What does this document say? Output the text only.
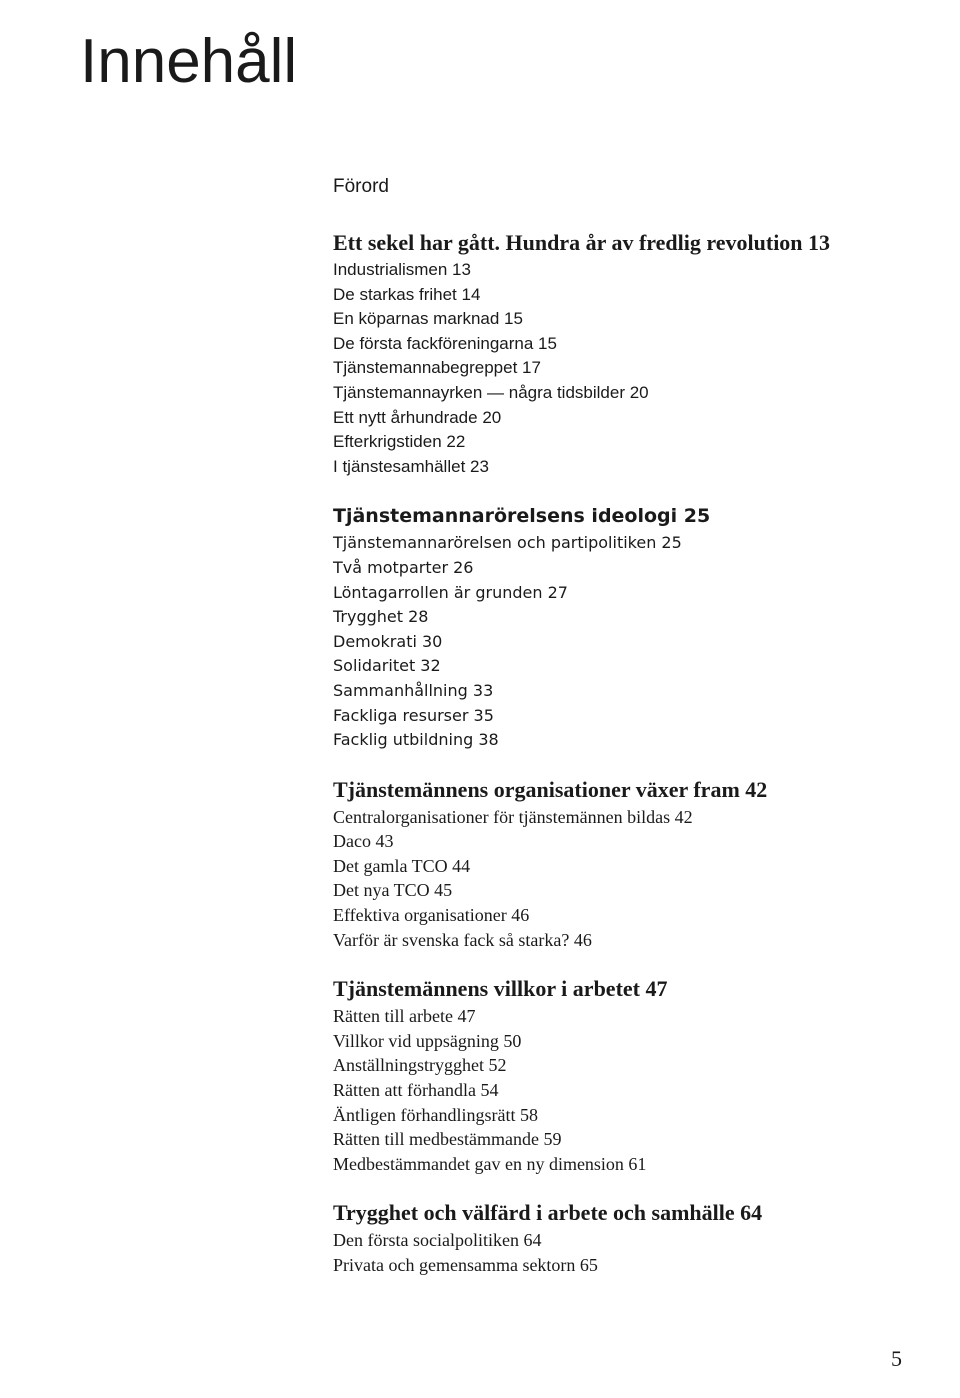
Innehåll
Förord
Ett sekel har gått. Hundra år av fredlig revolution 13
Industrialismen 13
De starkas frihet 14
En köparnas marknad 15
De första fackföreningarna 15
Tjänstemannabegreppet 17
Tjänstemannayrken — några tidsbilder 20
Ett nytt århundrade 20
Efterkrigstiden 22
I tjänstesamhället 23
Tjänstemannarörelsens ideologi 25
Tjänstemannarörelsen och partipolitiken 25
Två motparter 26
Löntagarrollen är grunden 27
Trygghet 28
Demokrati 30
Solidaritet 32
Sammanhållning 33
Fackliga resurser 35
Facklig utbildning 38
Tjänstemännens organisationer växer fram 42
Centralorganisationer för tjänstemännen bildas 42
Daco 43
Det gamla TCO 44
Det nya TCO 45
Effektiva organisationer 46
Varför är svenska fack så starka? 46
Tjänstemännens villkor i arbetet 47
Rätten till arbete 47
Villkor vid uppsägning 50
Anställningstrygghet 52
Rätten att förhandla 54
Äntligen förhandlingsrätt 58
Rätten till medbestämmande 59
Medbestämmandet gav en ny dimension 61
Trygghet och välfärd i arbete och samhälle 64
Den första socialpolitiken 64
Privata och gemensamma sektorn 65
5
